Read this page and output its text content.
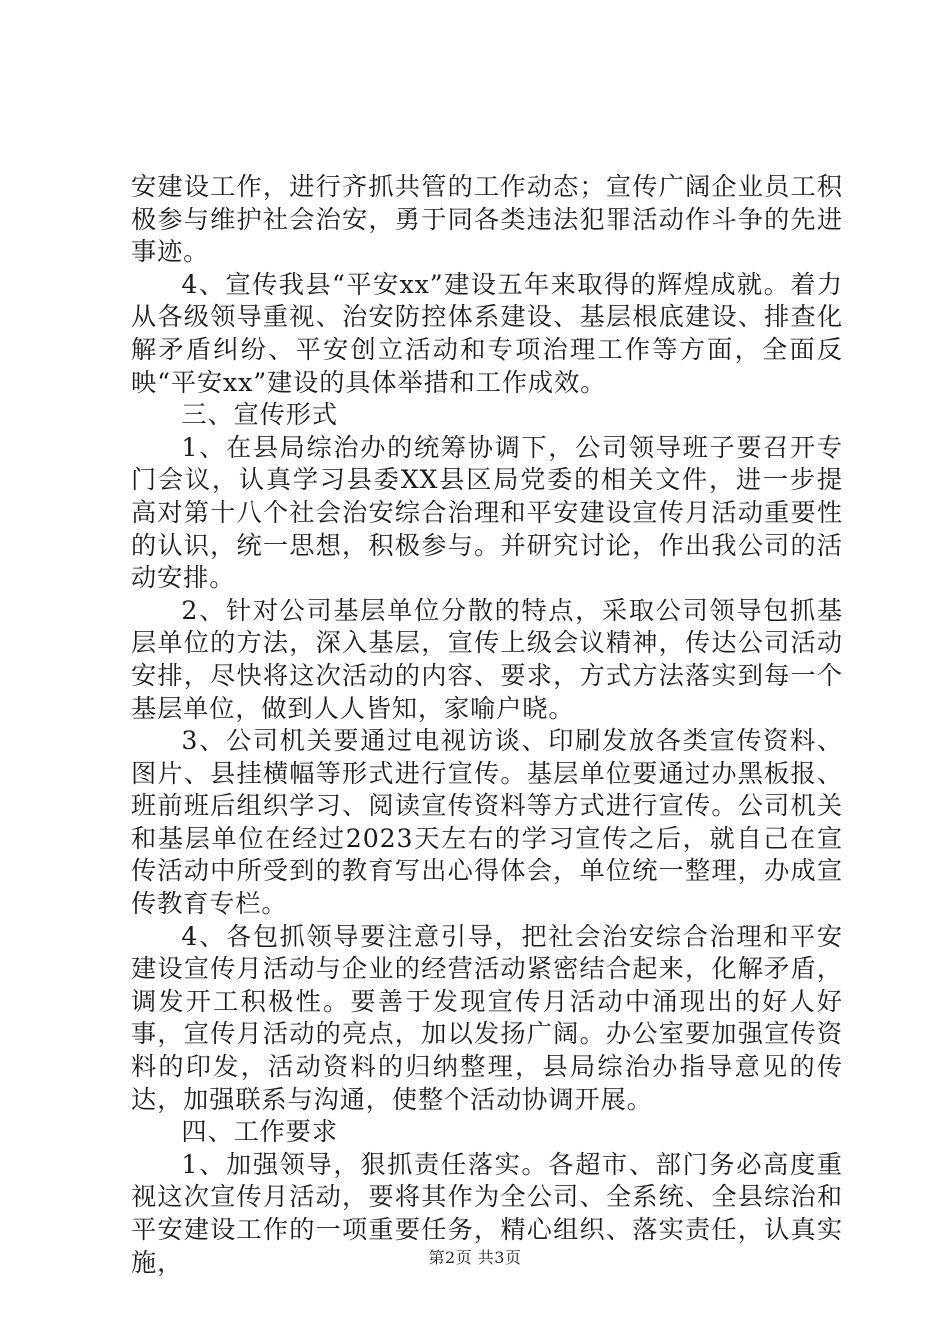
安建设工作，进行齐抓共管的工作动态；宣传广阔企业员工积极参与维护社会治安，勇于同各类违法犯罪活动作斗争的先进事迹。

4、宣传我县“平安xx”建设五年来取得的辉煌成就。着力从各级领导重视、治安防控体系建设、基层根底建设、排查化解矛盾纠纷、平安创立活动和专项治理工作等方面，全面反映“平安xx”建设的具体举措和工作成效。

三、宣传形式

1、在县局综治办的统筹协调下，公司领导班子要召开专门会议，认真学习县委XX县区局党委的相关文件，进一步提高对第十八个社会治安综合治理和平安建设宣传月活动重要性的认识，统一思想，积极参与。并研究讨论，作出我公司的活动安排。

2、针对公司基层单位分散的特点，采取公司领导包抓基层单位的方法，深入基层，宣传上级会议精神，传达公司活动安排，尽快将这次活动的内容、要求，方式方法落实到每一个基层单位，做到人人皆知，家喻户晓。

3、公司机关要通过电视访谈、印刷发放各类宣传资料、图片、县挂横幅等形式进行宣传。基层单位要通过办黑板报、班前班后组织学习、阅读宣传资料等方式进行宣传。公司机关和基层单位在经过2023天左右的学习宣传之后，就自己在宣传活动中所受到的教育写出心得体会，单位统一整理，办成宣传教育专栏。

4、各包抓领导要注意引导，把社会治安综合治理和平安建设宣传月活动与企业的经营活动紧密结合起来，化解矛盾，调发开工积极性。要善于发现宣传月活动中涌现出的好人好事，宣传月活动的亮点，加以发扬广阔。办公室要加强宣传资料的印发，活动资料的归纳整理，县局综治办指导意见的传达，加强联系与沟通，使整个活动协调开展。

四、工作要求

1、加强领导，狠抓责任落实。各超市、部门务必高度重视这次宣传月活动，要将其作为全公司、全系统、全县综治和平安建设工作的一项重要任务，精心组织、落实责任，认真实施，	第2页 共3页
